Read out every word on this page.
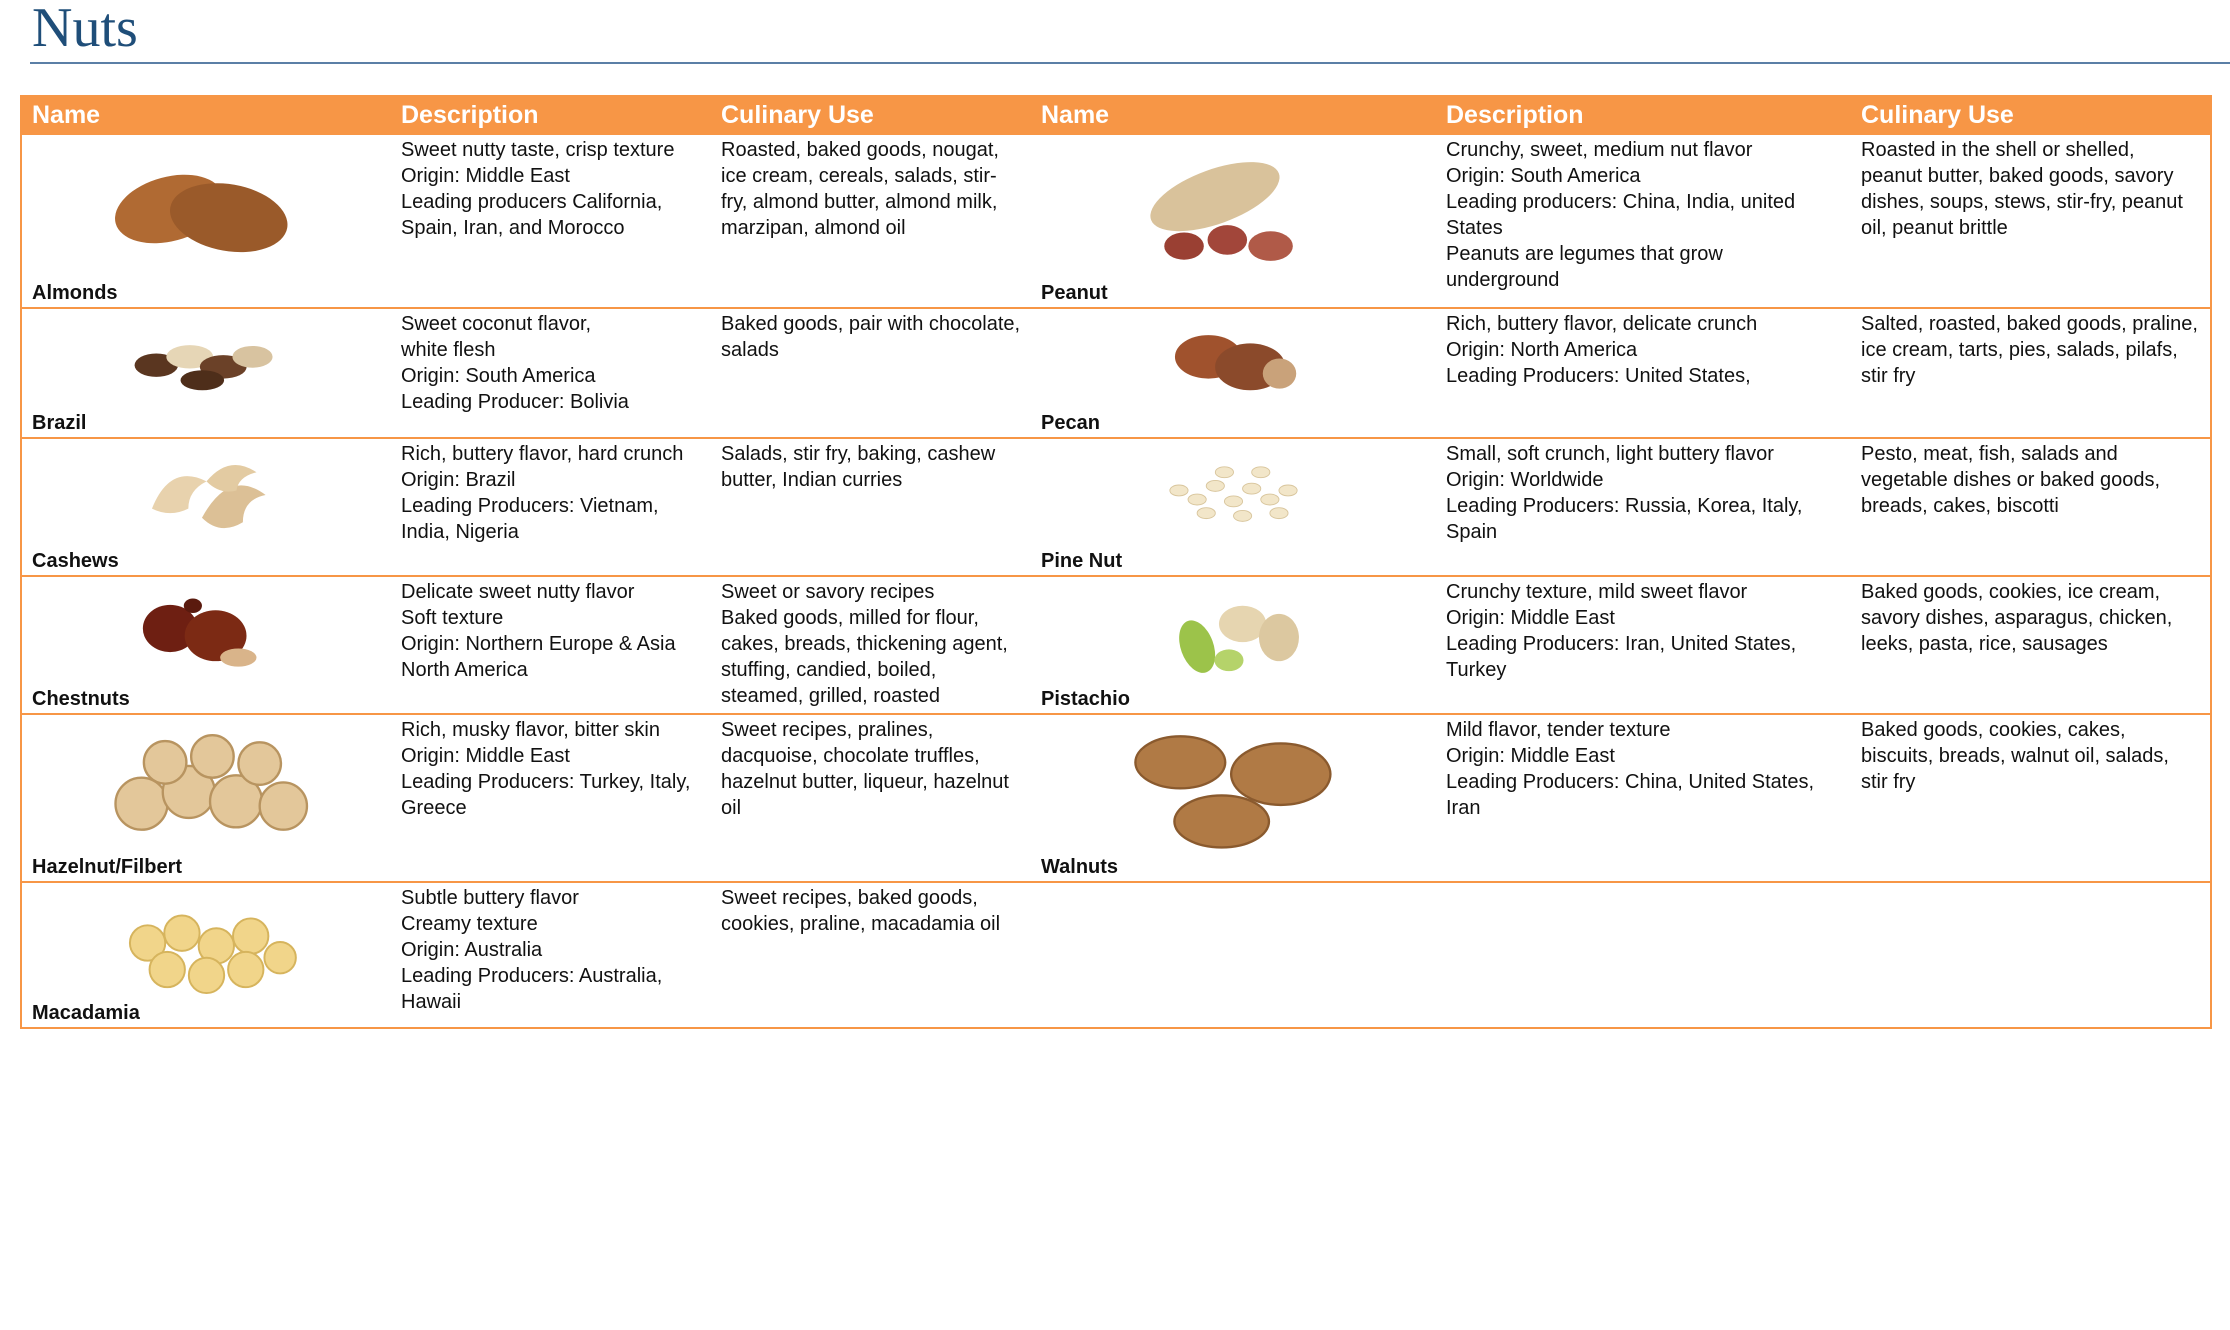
Nuts
Name	Description	Culinary Use	Name	Description	Culinary Use

Almonds	Sweet nutty taste, crisp texture
Origin: Middle East
Leading producers California, Spain, Iran, and Morocco	Roasted, baked goods, nougat, ice cream, cereals, salads, stir-fry, almond butter, almond milk, marzipan, almond oil	Peanut	Crunchy, sweet, medium nut flavor
Origin: South America
Leading producers: China, India, united States
Peanuts are legumes that grow underground	Roasted in the shell or shelled, peanut butter, baked goods, savory dishes, soups, stews, stir-fry, peanut oil, peanut brittle

Brazil	Sweet coconut flavor,
white flesh
Origin: South America
Leading Producer: Bolivia	Baked goods, pair with chocolate, salads	Pecan	Rich, buttery flavor, delicate crunch
Origin: North America
Leading Producers: United States,	Salted, roasted, baked goods, praline, ice cream, tarts, pies, salads, pilafs, stir fry

Cashews	Rich, buttery flavor, hard crunch
Origin: Brazil
Leading Producers: Vietnam, India, Nigeria	Salads, stir fry, baking, cashew butter, Indian curries	Pine Nut	Small, soft crunch, light buttery flavor
Origin: Worldwide
Leading Producers: Russia, Korea, Italy, Spain	Pesto, meat, fish, salads and vegetable dishes or baked goods, breads, cakes, biscotti

Chestnuts	Delicate sweet nutty flavor
Soft texture
Origin: Northern Europe & Asia
North America	Sweet or savory recipes
Baked goods, milled for flour, cakes, breads, thickening agent, stuffing, candied, boiled, steamed, grilled, roasted	Pistachio	Crunchy texture, mild sweet flavor
Origin: Middle East
Leading Producers: Iran, United States, Turkey	Baked goods, cookies, ice cream, savory dishes, asparagus, chicken, leeks, pasta, rice, sausages

Hazelnut/Filbert	Rich, musky flavor, bitter skin
Origin: Middle East
Leading Producers: Turkey, Italy, Greece	Sweet recipes, pralines, dacquoise, chocolate truffles, hazelnut butter, liqueur, hazelnut oil	Walnuts	Mild flavor, tender texture
Origin: Middle East
Leading Producers: China, United States, Iran	Baked goods, cookies, cakes, biscuits, breads, walnut oil, salads, stir fry

Macadamia	Subtle buttery flavor
Creamy texture
Origin: Australia
Leading Producers: Australia, Hawaii	Sweet recipes, baked goods, cookies, praline, macadamia oil			
